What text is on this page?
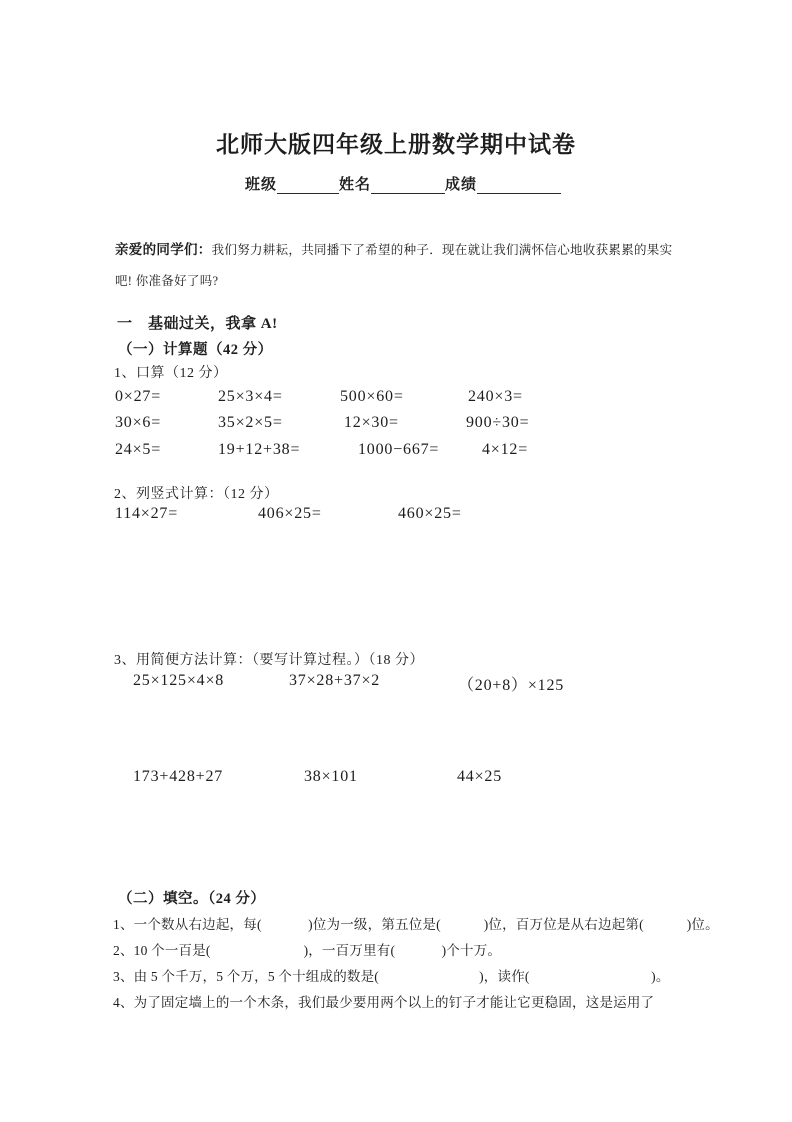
北师大版四年级上册数学期中试卷
班级	姓名	成绩

亲爱的同学们：我们努力耕耘，共同播下了希望的种子．现在就让我们满怀信心地收获累累的果实吧! 你准备好了吗?

一　基础过关，我拿 A!
（一）计算题（42 分）
1、口算（12 分）
0×27=	25×3×4=	500×60=	240×3=
30×6=	35×2×5=	12×30=	900÷30=
24×5=	19+12+38=	1000−667=	4×12=
2、列竖式计算：（12 分）
114×27=	406×25=	460×25=
3、用简便方法计算：（要写计算过程。）（18 分）
25×125×4×8	37×28+37×2	（20+8）×125
173+428+27	38×101	44×25
（二）填空。（24 分）
1、一个数从右边起，每(             )位为一级，第五位是(            )位，百万位是从右边起第(            )位。
2、10 个一百是(                          )，一百万里有(             )个十万。
3、由 5 个千万，5 个万，5 个十组成的数是(                            )，读作(                                  )。
4、为了固定墙上的一个木条，我们最少要用两个以上的钉子才能让它更稳固，这是运用了
